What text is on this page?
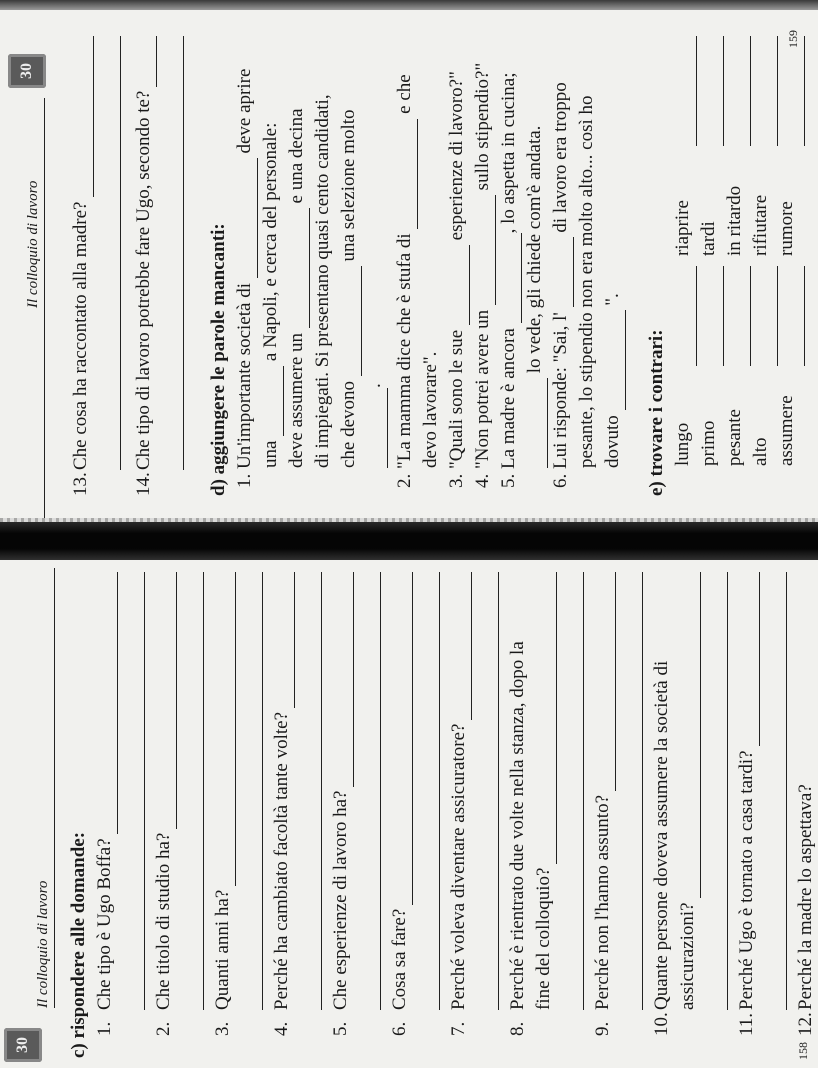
30
Il colloquio di lavoro
159
13.
Che cosa ha raccontato alla madre?
14.
Che tipo di lavoro potrebbe fare Ugo, secondo te?	d) aggiungere le parole mancanti: 1. Un'importante società di  deve aprire
una  a Napoli, e cerca del personale:
deve assumere un  e una decina di impiegati. Si presentano quasi cento candidati, che devono  una selezione molto
.
2. "La mamma dice che è stufa di  e che
devo lavorare".
3. "Quali sono le sue  esperienze di lavoro?"
4. "Non potrei avere un  sullo stipendio?"
5. La madre è ancora , lo aspetta in cucina; lo vede, gli chiede com'è andata.
6. Lui risponde: "Sai, l'  di lavoro era troppo pesante, lo stipendio non era molto alto... così ho dovuto  ".
e) trovare i contrari: lungo primo pesante alto assumere
riaprire tardi in ritardo rifiutare rumore
30
Il colloquio di lavoro
158
c) rispondere alle domande: 1.
Che tipo è Ugo Boffa?
2.
Che titolo di studio ha?
3.
Quanti anni ha?
4.
Perché ha cambiato facoltà tante volte?
5.
Che esperienze di lavoro ha?
6.
Cosa sa fare?
7.
Perché voleva diventare assicuratore?
8.
Perché è rientrato due volte nella stanza, dopo la fine del colloquio?
9.
Perché non l'hanno assunto?
10.
Quante persone doveva assumere la società di assicurazioni?
11.
Perché Ugo è tornato a casa tardi?
12.
Perché la madre lo aspettava?
